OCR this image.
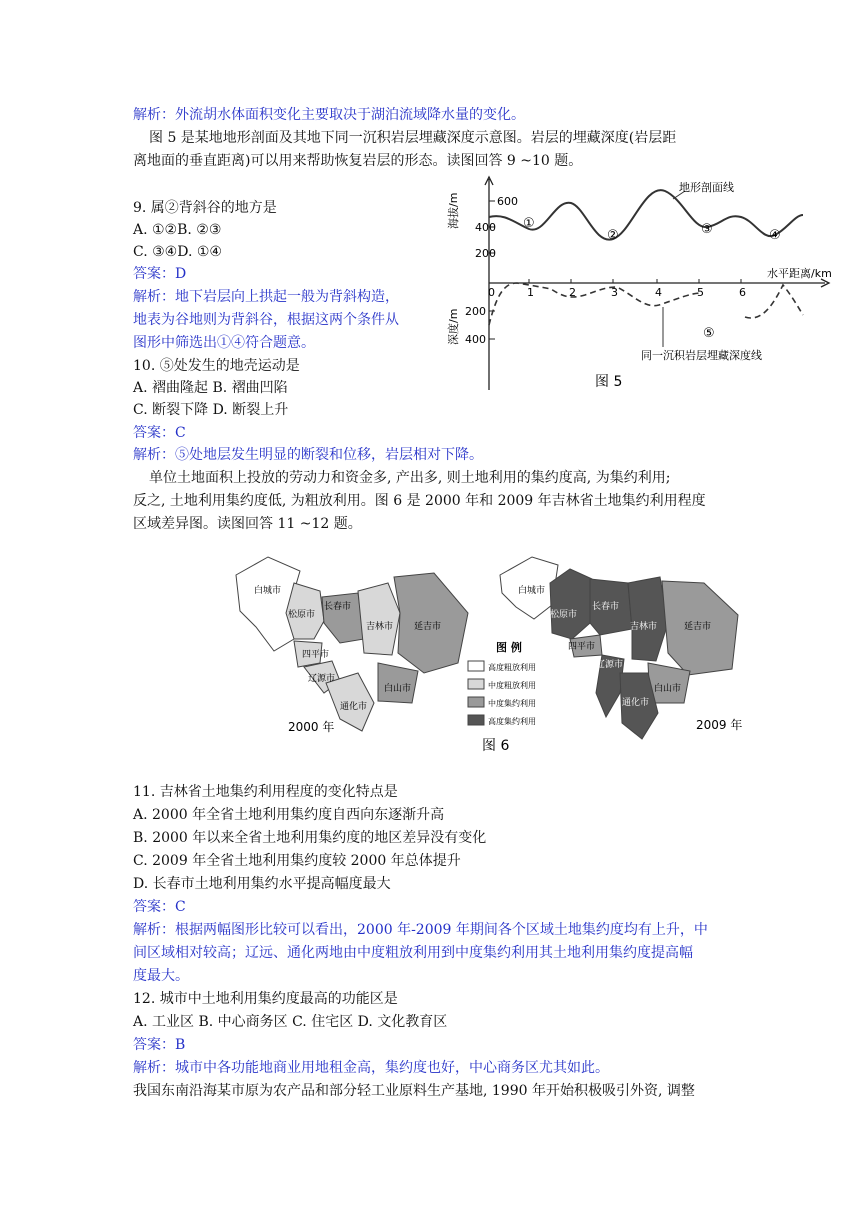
解析：外流胡水体面积变化主要取决于湖泊流域降水量的变化。
图 5 是某地地形剖面及其地下同一沉积岩层埋藏深度示意图。岩层的埋藏深度(岩层距
离地面的垂直距离)可以用来帮助恢复岩层的形态。读图回答 9 ~10 题。
9. 属②背斜谷的地方是
A. ①②B. ②③
C. ③④D. ①④
答案：D
解析：地下岩层向上拱起一般为背斜构造，
地表为谷地则为背斜谷，根据这两个条件从
图形中筛选出①④符合题意。
10. ⑤处发生的地壳运动是
A. 褶曲隆起 B. 褶曲凹陷
C. 断裂下降 D. 断裂上升
答案：C
解析：⑤处地层发生明显的断裂和位移，岩层相对下降。
单位土地面积上投放的劳动力和资金多, 产出多, 则土地利用的集约度高, 为集约利用;
反之, 土地利用集约度低, 为粗放利用。图 6 是 2000 年和 2009 年吉林省土地集约利用程度
区域差异图。读图回答 11 ~12 题。
600
400
200
200
400
海拔/m
深度/m
0	1	2	3	4	5	6
水平距离/km
地形剖面线
同一沉积岩层埋藏深度线
①
②	③	④
⑤
图 5
白城市
松原市
长春市
吉林市 延吉市
四平市
辽源市
白山市
通化市
白城市
松原市
长春市
吉林市	延吉市
四平市
辽源市
白山市
通化市
图 例
高度粗放利用
中度粗放利用
中度集约利用
高度集约利用
2000 年	2009 年
图 6
11. 吉林省土地集约利用程度的变化特点是
A. 2000 年全省土地利用集约度自西向东逐渐升高
B. 2000 年以来全省土地利用集约度的地区差异没有变化
C. 2009 年全省土地利用集约度较 2000 年总体提升
D. 长春市土地利用集约水平提高幅度最大
答案：C
解析：根据两幅图形比较可以看出，2000 年-2009 年期间各个区域土地集约度均有上升，中
间区域相对较高；辽远、通化两地由中度粗放利用到中度集约利用其土地利用集约度提高幅
度最大。
12. 城市中土地利用集约度最高的功能区是
A. 工业区 B. 中心商务区 C. 住宅区 D. 文化教育区
答案：B
解析：城市中各功能地商业用地租金高，集约度也好，中心商务区尤其如此。
我国东南沿海某市原为农产品和部分轻工业原料生产基地, 1990 年开始积极吸引外资, 调整
